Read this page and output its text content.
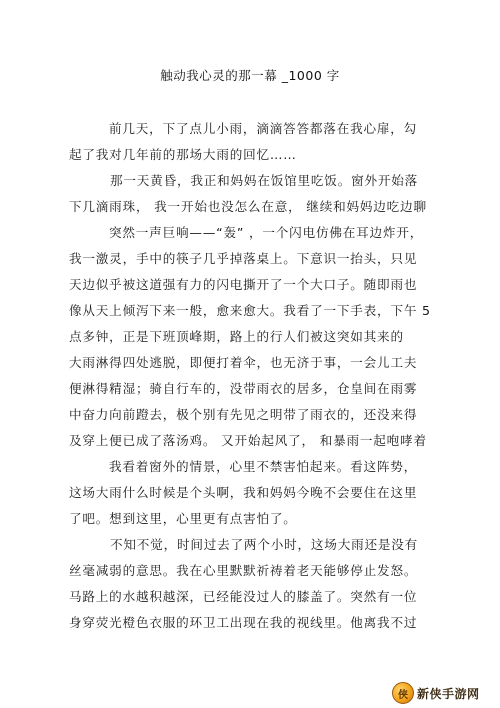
触动我心灵的那一幕 _1000 字
前几天，下了点儿小雨，滴滴答答都落在我心扉，勾
起了我对几年前的那场大雨的回忆……
那一天黄昏，我正和妈妈在饭馆里吃饭。窗外开始落
下几滴雨珠， 我一开始也没怎么在意， 继续和妈妈边吃边聊
突然一声巨响——“轰” ，一个闪电仿佛在耳边炸开，
我一激灵，手中的筷子几乎掉落桌上。下意识一抬头，只见
天边似乎被这道强有力的闪电撕开了一个大口子。随即雨也
像从天上倾泻下来一般，愈来愈大。我看了一下手表，下午 5
点多钟，正是下班顶峰期，路上的行人们被这突如其来的
大雨淋得四处逃脱，即便打着伞，也无济于事，一会儿工夫
便淋得精湿；骑自行车的，没带雨衣的居多，仓皇间在雨雾
中奋力向前蹬去，极个别有先见之明带了雨衣的，还没来得
及穿上便已成了落汤鸡。 又开始起风了， 和暴雨一起咆哮着
我看着窗外的情景，心里不禁害怕起来。看这阵势，
这场大雨什么时候是个头啊，我和妈妈今晚不会要住在这里
了吧。想到这里，心里更有点害怕了。
不知不觉，时间过去了两个小时，这场大雨还是没有
丝毫减弱的意思。我在心里默默祈祷着老天能够停止发怒。
马路上的水越积越深，已经能没过人的膝盖了。突然有一位
身穿荧光橙色衣服的环卫工出现在我的视线里。他离我不过
侠 新侠手游网
